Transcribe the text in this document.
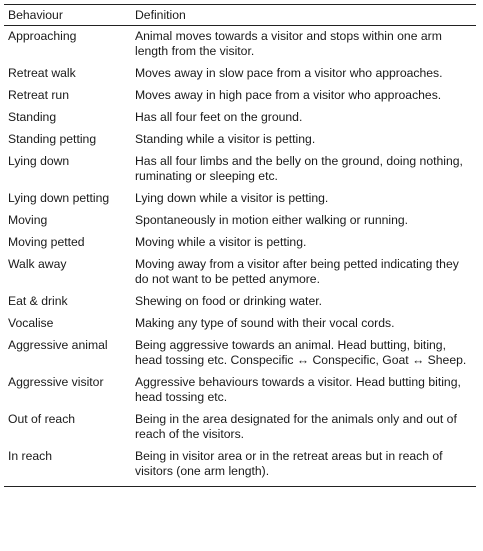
Behaviour	Definition
Approaching	Animal moves towards a visitor and stops within one arm length from the visitor.
Retreat walk	Moves away in slow pace from a visitor who approaches.
Retreat run	Moves away in high pace from a visitor who approaches.
Standing	Has all four feet on the ground.
Standing petting	Standing while a visitor is petting.
Lying down	Has all four limbs and the belly on the ground, doing nothing, ruminating or sleeping etc.
Lying down petting	Lying down while a visitor is petting.
Moving	Spontaneously in motion either walking or running.
Moving petted	Moving while a visitor is petting.
Walk away	Moving away from a visitor after being petted indicating they do not want to be petted anymore.
Eat & drink	Shewing on food or drinking water.
Vocalise	Making any type of sound with their vocal cords.
Aggressive animal	Being aggressive towards an animal. Head butting, biting, head tossing etc. Conspecific ↔ Conspecific, Goat ↔ Sheep.
Aggressive visitor	Aggressive behaviours towards a visitor. Head butting biting, head tossing etc.
Out of reach	Being in the area designated for the animals only and out of reach of the visitors.
In reach	Being in visitor area or in the retreat areas but in reach of visitors (one arm length).
